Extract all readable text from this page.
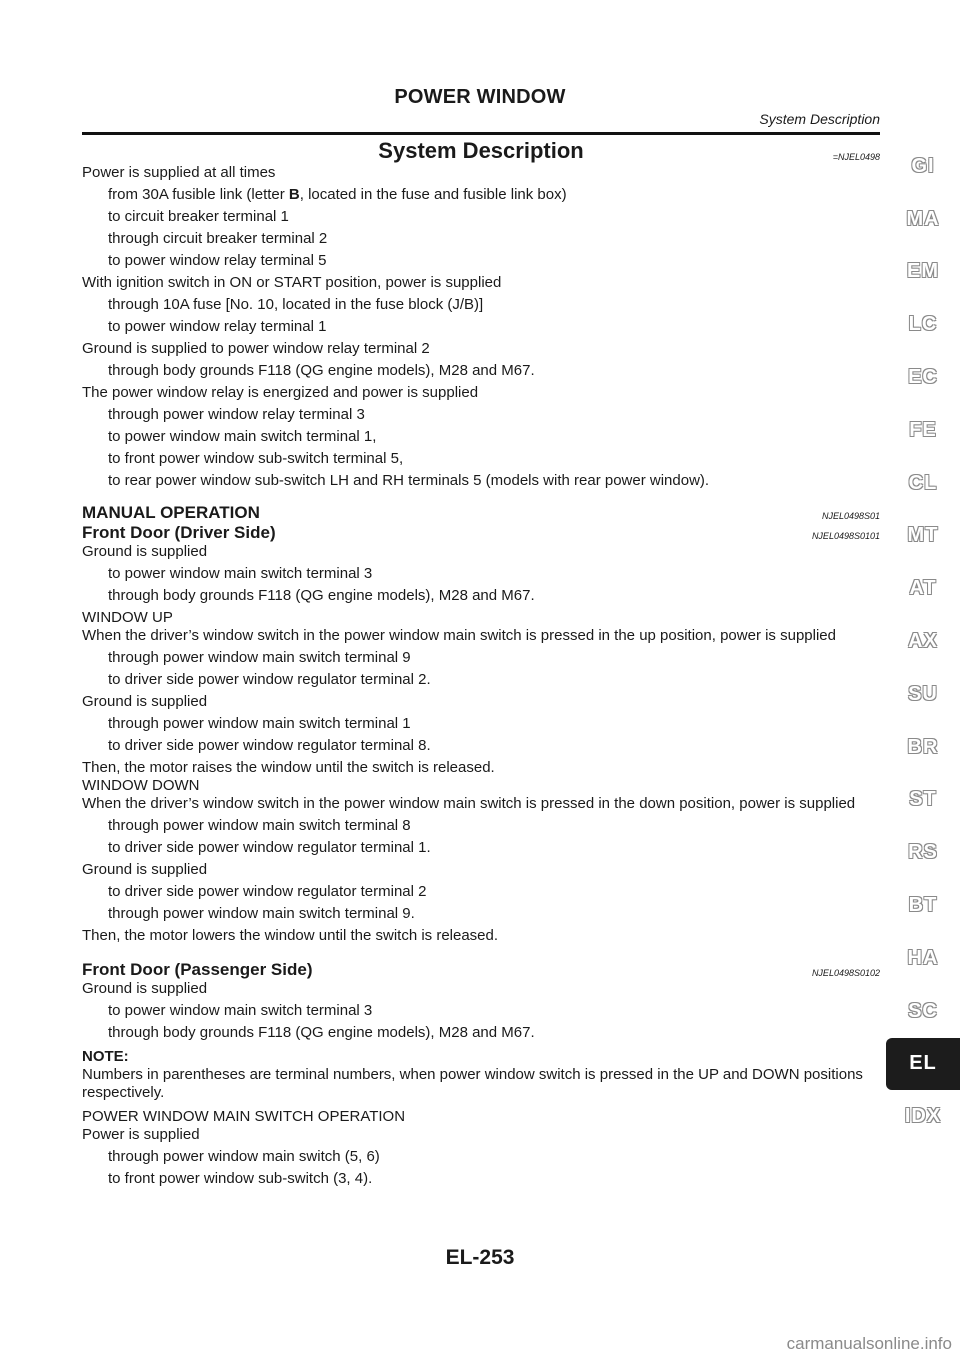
POWER WINDOW
System Description
System Description	=NJEL0498
Power is supplied at all times
from 30A fusible link (letter B, located in the fuse and fusible link box)
to circuit breaker terminal 1
through circuit breaker terminal 2
to power window relay terminal 5
With ignition switch in ON or START position, power is supplied
through 10A fuse [No. 10, located in the fuse block (J/B)]
to power window relay terminal 1
Ground is supplied to power window relay terminal 2
through body grounds F118 (QG engine models), M28 and M67.
The power window relay is energized and power is supplied
through power window relay terminal 3
to power window main switch terminal 1,
to front power window sub-switch terminal 5,
to rear power window sub-switch LH and RH terminals 5 (models with rear power window).
MANUAL OPERATION	NJEL0498S01
Front Door (Driver Side)	NJEL0498S0101
Ground is supplied
to power window main switch terminal 3
through body grounds F118 (QG engine models), M28 and M67.
WINDOW UP
When the driver’s window switch in the power window main switch is pressed in the up position, power is supplied
through power window main switch terminal 9
to driver side power window regulator terminal 2.
Ground is supplied
through power window main switch terminal 1
to driver side power window regulator terminal 8.
Then, the motor raises the window until the switch is released.
WINDOW DOWN
When the driver’s window switch in the power window main switch is pressed in the down position, power is supplied
through power window main switch terminal 8
to driver side power window regulator terminal 1.
Ground is supplied
to driver side power window regulator terminal 2
through power window main switch terminal 9.
Then, the motor lowers the window until the switch is released.
Front Door (Passenger Side)	NJEL0498S0102
Ground is supplied
to power window main switch terminal 3
through body grounds F118 (QG engine models), M28 and M67.
NOTE:
Numbers in parentheses are terminal numbers, when power window switch is pressed in the UP and DOWN positions respectively.
POWER WINDOW MAIN SWITCH OPERATION
Power is supplied
through power window main switch (5, 6)
to front power window sub-switch (3, 4).
GI
MA
EM
LC
EC
FE
CL
MT
AT
AX
SU
BR
ST
RS
BT
HA
SC
EL
IDX
EL-253
carmanualsonline.info
